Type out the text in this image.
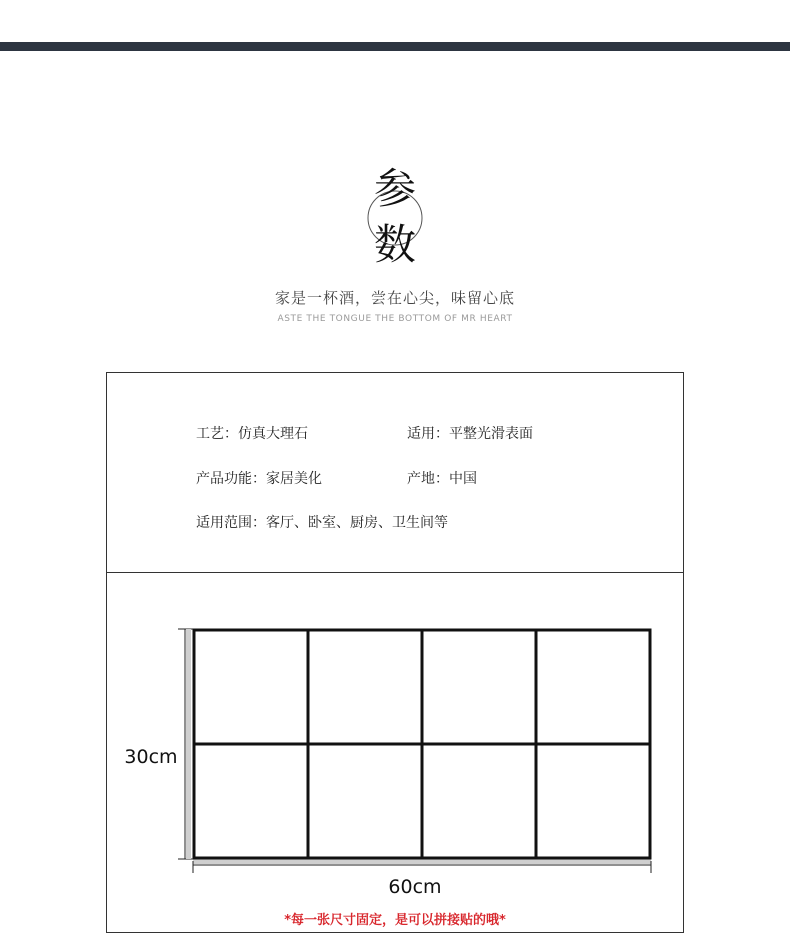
参
数
家是一杯酒，尝在心尖，味留心底
ASTE THE TONGUE THE BOTTOM OF MR HEART
工艺：仿真大理石	适用：平整光滑表面
产品功能：家居美化	产地：中国
适用范围：客厅、卧室、厨房、卫生间等
30cm
60cm
*每一张尺寸固定，是可以拼接贴的哦*
